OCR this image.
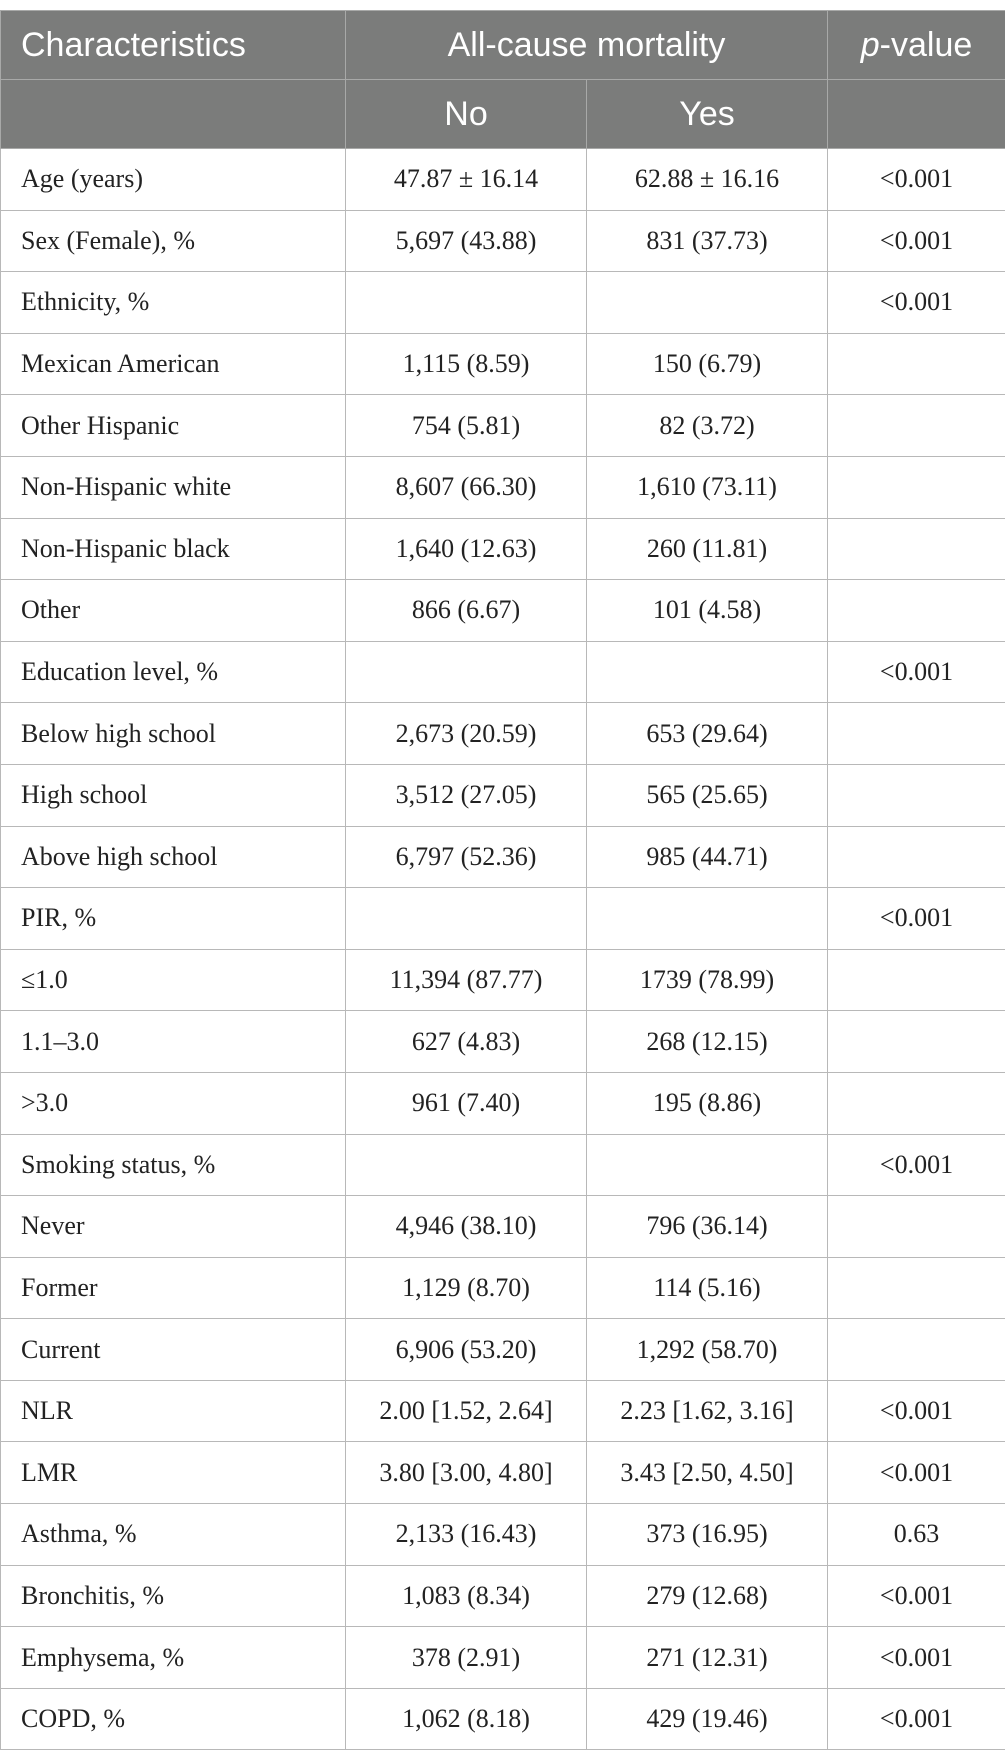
Characteristics	All-cause mortality		p-value
	No	Yes	
Age (years)	47.87 ± 16.14	62.88 ± 16.16	<0.001
Sex (Female), %	5,697 (43.88)	831 (37.73)	<0.001
Ethnicity, %			<0.001
Mexican American	1,115 (8.59)	150 (6.79)	
Other Hispanic	754 (5.81)	82 (3.72)	
Non-Hispanic white	8,607 (66.30)	1,610 (73.11)	
Non-Hispanic black	1,640 (12.63)	260 (11.81)	
Other	866 (6.67)	101 (4.58)	
Education level, %			<0.001
Below high school	2,673 (20.59)	653 (29.64)	
High school	3,512 (27.05)	565 (25.65)	
Above high school	6,797 (52.36)	985 (44.71)	
PIR, %			<0.001
≤1.0	11,394 (87.77)	1739 (78.99)	
1.1–3.0	627 (4.83)	268 (12.15)	
>3.0	961 (7.40)	195 (8.86)	
Smoking status, %			<0.001
Never	4,946 (38.10)	796 (36.14)	
Former	1,129 (8.70)	114 (5.16)	
Current	6,906 (53.20)	1,292 (58.70)	
NLR	2.00 [1.52, 2.64]	2.23 [1.62, 3.16]	<0.001
LMR	3.80 [3.00, 4.80]	3.43 [2.50, 4.50]	<0.001
Asthma, %	2,133 (16.43)	373 (16.95)	0.63
Bronchitis, %	1,083 (8.34)	279 (12.68)	<0.001
Emphysema, %	378 (2.91)	271 (12.31)	<0.001
COPD, %	1,062 (8.18)	429 (19.46)	<0.001
